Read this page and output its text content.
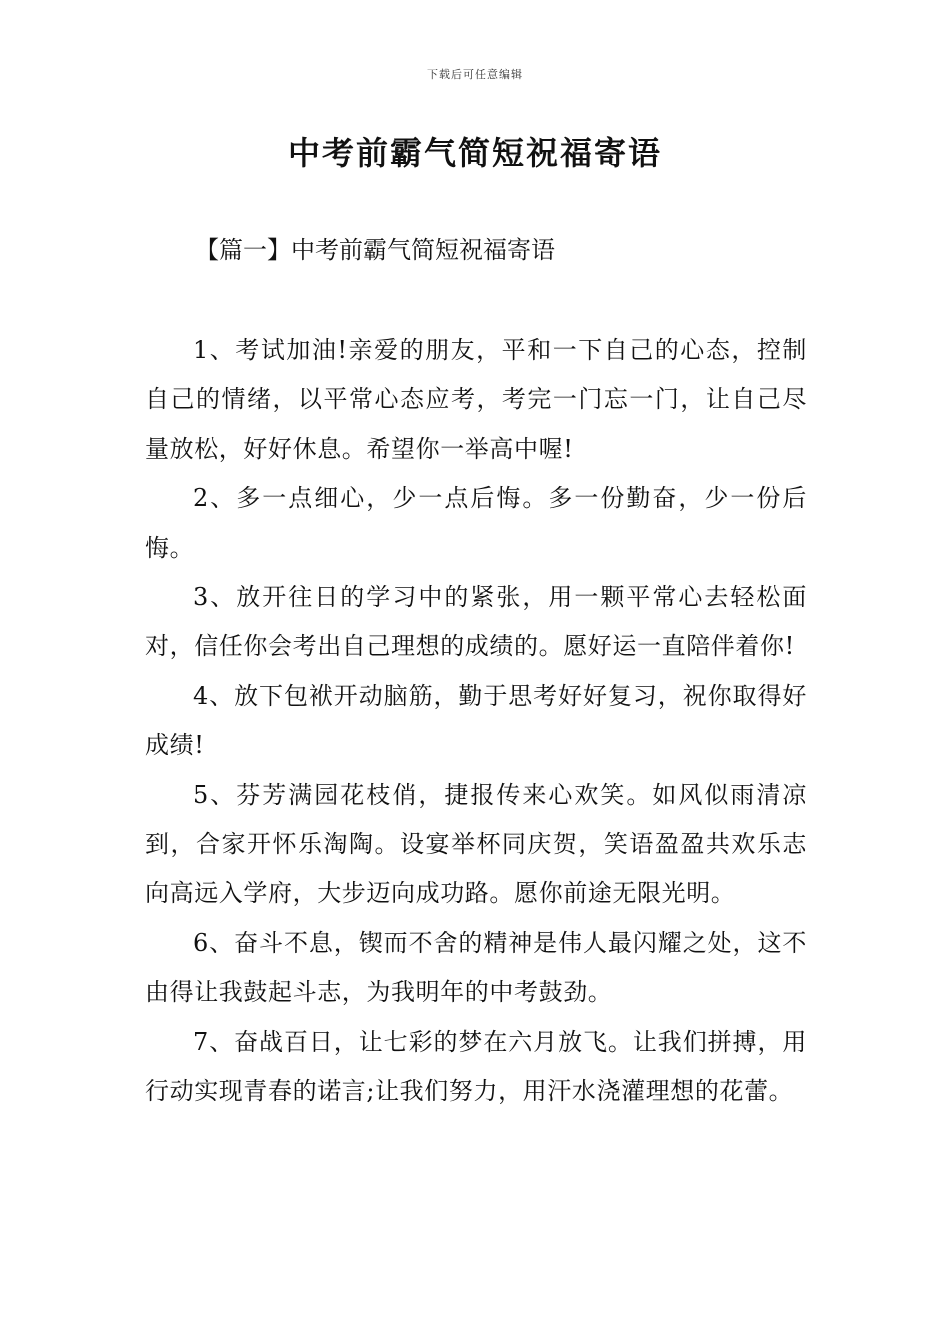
下载后可任意编辑
中考前霸气简短祝福寄语
【篇一】中考前霸气简短祝福寄语

1、考试加油!亲爱的朋友，平和一下自己的心态，控制自己的情绪，以平常心态应考，考完一门忘一门，让自己尽量放松，好好休息。希望你一举高中喔!

2、多一点细心，少一点后悔。多一份勤奋，少一份后悔。

3、放开往日的学习中的紧张，用一颗平常心去轻松面对，信任你会考出自己理想的成绩的。愿好运一直陪伴着你!

4、放下包袱开动脑筋，勤于思考好好复习，祝你取得好成绩!

5、芬芳满园花枝俏，捷报传来心欢笑。如风似雨清凉到，合家开怀乐淘陶。设宴举杯同庆贺，笑语盈盈共欢乐志向高远入学府，大步迈向成功路。愿你前途无限光明。

6、奋斗不息，锲而不舍的精神是伟人最闪耀之处，这不由得让我鼓起斗志，为我明年的中考鼓劲。

7、奋战百日，让七彩的梦在六月放飞。让我们拼搏，用行动实现青春的诺言;让我们努力，用汗水浇灌理想的花蕾。
